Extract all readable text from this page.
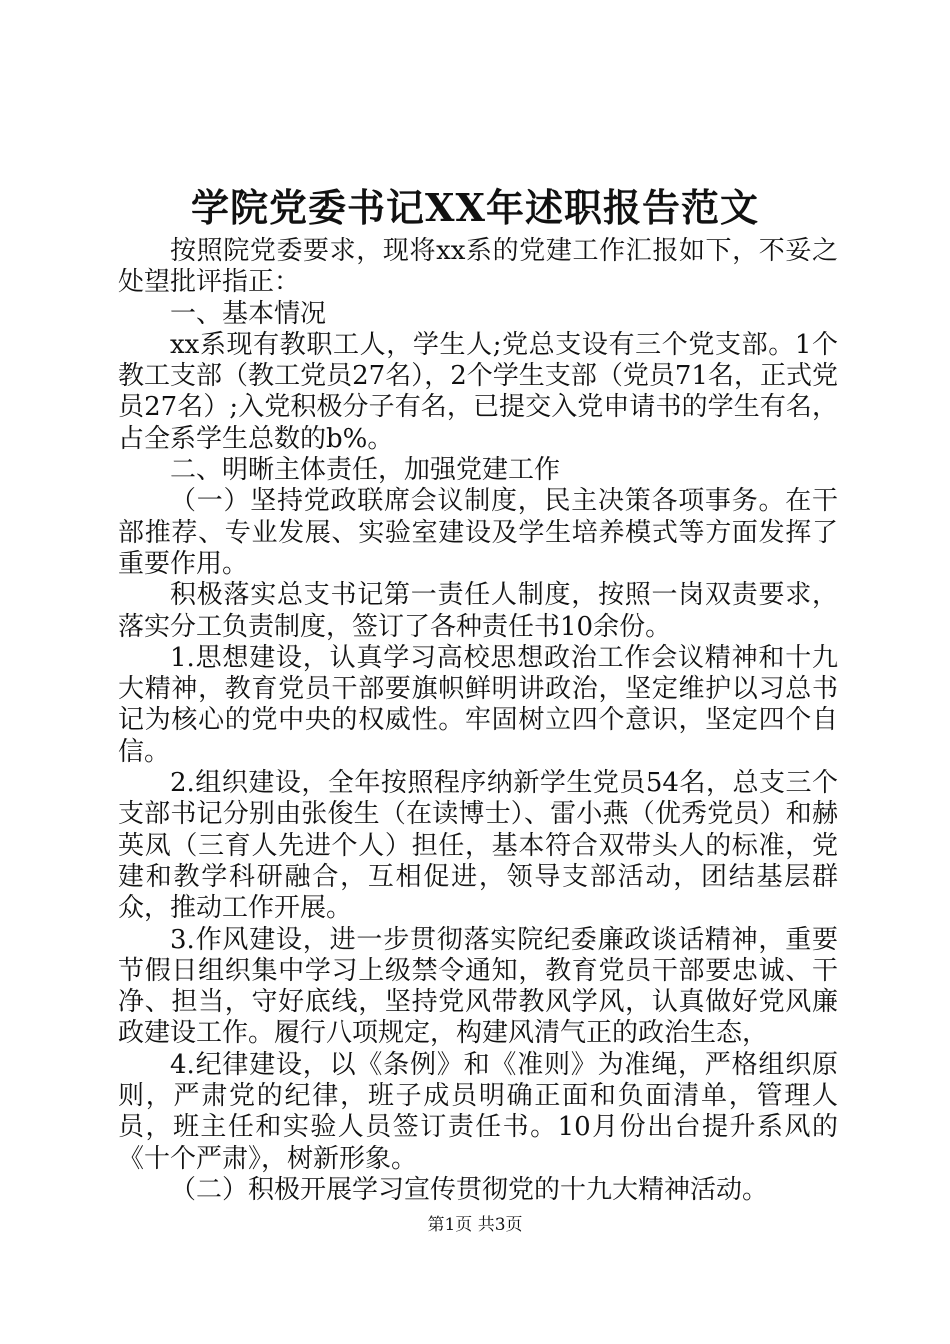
学院党委书记XX年述职报告范文

按照院党委要求，现将xx系的党建工作汇报如下，不妥之处望批评指正：

一、基本情况

xx系现有教职工人，学生人;党总支设有三个党支部。1个教工支部（教工党员27名），2个学生支部（党员71名，正式党员27名）;入党积极分子有名，已提交入党申请书的学生有名，占全系学生总数的b%。

二、明晰主体责任，加强党建工作

（一）坚持党政联席会议制度，民主决策各项事务。在干部推荐、专业发展、实验室建设及学生培养模式等方面发挥了重要作用。

积极落实总支书记第一责任人制度，按照一岗双责要求，落实分工负责制度，签订了各种责任书10余份。

1.思想建设，认真学习高校思想政治工作会议精神和十九大精神，教育党员干部要旗帜鲜明讲政治，坚定维护以习总书记为核心的党中央的权威性。牢固树立四个意识，坚定四个自信。

2.组织建设，全年按照程序纳新学生党员54名，总支三个支部书记分别由张俊生（在读博士）、雷小燕（优秀党员）和赫英凤（三育人先进个人）担任，基本符合双带头人的标准，党建和教学科研融合，互相促进，领导支部活动，团结基层群众，推动工作开展。

3.作风建设，进一步贯彻落实院纪委廉政谈话精神，重要节假日组织集中学习上级禁令通知，教育党员干部要忠诚、干净、担当，守好底线，坚持党风带教风学风，认真做好党风廉政建设工作。履行八项规定，构建风清气正的政治生态，

4.纪律建设，以《条例》和《准则》为准绳，严格组织原则，严肃党的纪律，班子成员明确正面和负面清单，管理人员，班主任和实验人员签订责任书。10月份出台提升系风的《十个严肃》，树新形象。

（二）积极开展学习宣传贯彻党的十九大精神活动。

第1页 共3页
